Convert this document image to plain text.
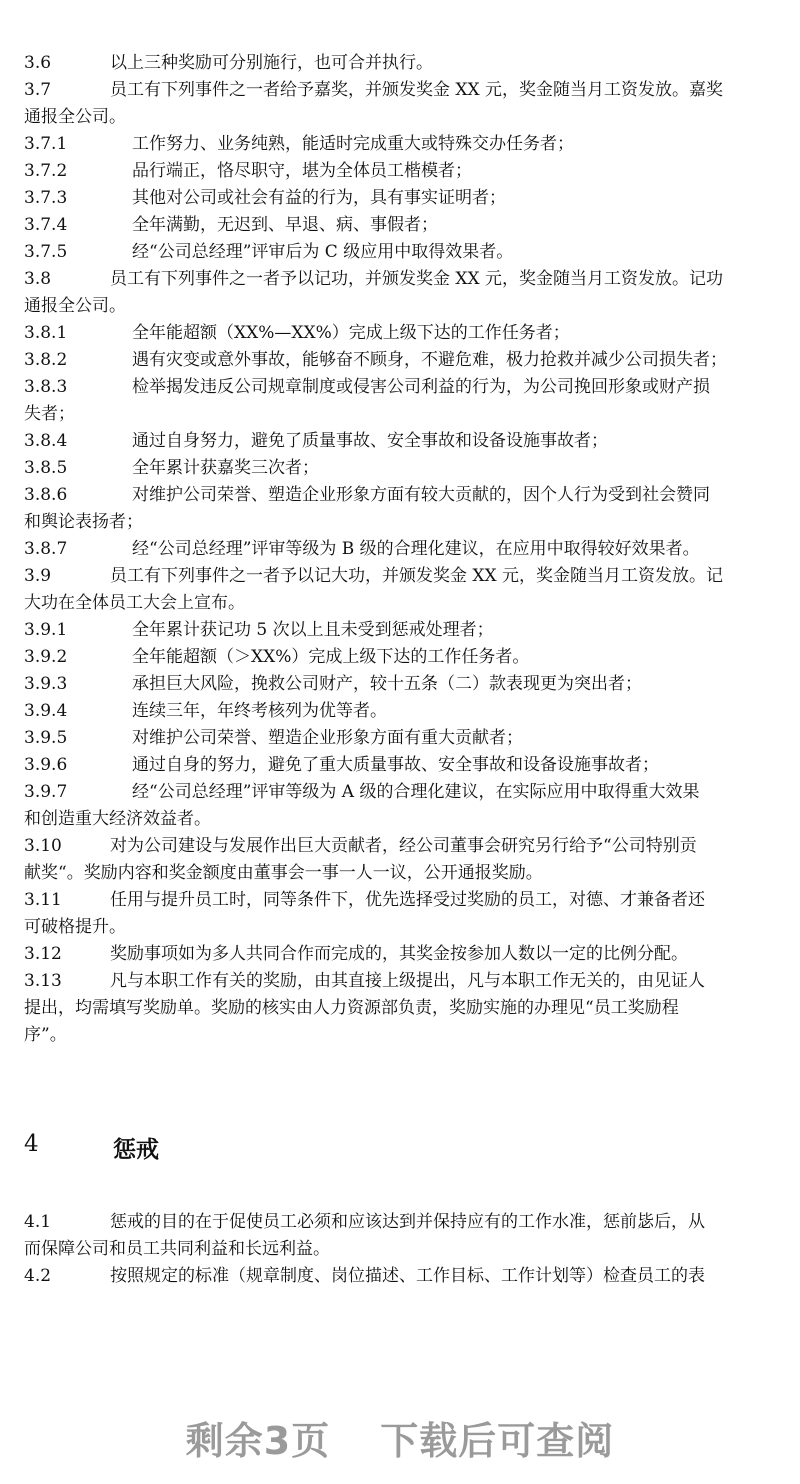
3.6	以上三种奖励可分别施行，也可合并执行。
3.7	员工有下列事件之一者给予嘉奖，并颁发奖金 XX 元，奖金随当月工资发放。嘉奖
通报全公司。
3.7.1	工作努力、业务纯熟，能适时完成重大或特殊交办任务者；
3.7.2	品行端正，恪尽职守，堪为全体员工楷模者；
3.7.3	其他对公司或社会有益的行为，具有事实证明者；
3.7.4	全年满勤，无迟到、早退、病、事假者；
3.7.5	经“公司总经理”评审后为 C 级应用中取得效果者。
3.8	员工有下列事件之一者予以记功，并颁发奖金 XX 元，奖金随当月工资发放。记功
通报全公司。
3.8.1	全年能超额（XX%—XX%）完成上级下达的工作任务者；
3.8.2	遇有灾变或意外事故，能够奋不顾身，不避危难，极力抢救并减少公司损失者；
3.8.3	检举揭发违反公司规章制度或侵害公司利益的行为，为公司挽回形象或财产损
失者；
3.8.4	通过自身努力，避免了质量事故、安全事故和设备设施事故者；
3.8.5	全年累计获嘉奖三次者；
3.8.6	对维护公司荣誉、塑造企业形象方面有较大贡献的，因个人行为受到社会赞同
和舆论表扬者；
3.8.7	经“公司总经理”评审等级为 B 级的合理化建议，在应用中取得较好效果者。
3.9	员工有下列事件之一者予以记大功，并颁发奖金 XX 元，奖金随当月工资发放。记
大功在全体员工大会上宣布。
3.9.1	全年累计获记功 5 次以上且未受到惩戒处理者；
3.9.2	全年能超额（＞XX%）完成上级下达的工作任务者。
3.9.3	承担巨大风险，挽救公司财产，较十五条（二）款表现更为突出者；
3.9.4	连续三年，年终考核列为优等者。
3.9.5	对维护公司荣誉、塑造企业形象方面有重大贡献者；
3.9.6	通过自身的努力，避免了重大质量事故、安全事故和设备设施事故者；
3.9.7	经“公司总经理”评审等级为 A 级的合理化建议，在实际应用中取得重大效果
和创造重大经济效益者。
3.10	对为公司建设与发展作出巨大贡献者，经公司董事会研究另行给予“公司特别贡
献奖“。奖励内容和奖金额度由董事会一事一人一议，公开通报奖励。
3.11	任用与提升员工时，同等条件下，优先选择受过奖励的员工，对德、才兼备者还
可破格提升。
3.12	奖励事项如为多人共同合作而完成的，其奖金按参加人数以一定的比例分配。
3.13	凡与本职工作有关的奖励，由其直接上级提出，凡与本职工作无关的，由见证人
提出，均需填写奖励单。奖励的核实由人力资源部负责，奖励实施的办理见“员工奖励程
序”。
4	惩戒
4.1	惩戒的目的在于促使员工必须和应该达到并保持应有的工作水准，惩前毖后，从
而保障公司和员工共同利益和长远利益。
4.2	按照规定的标准（规章制度、岗位描述、工作目标、工作计划等）检查员工的表
剩余3页 下载后可查阅
